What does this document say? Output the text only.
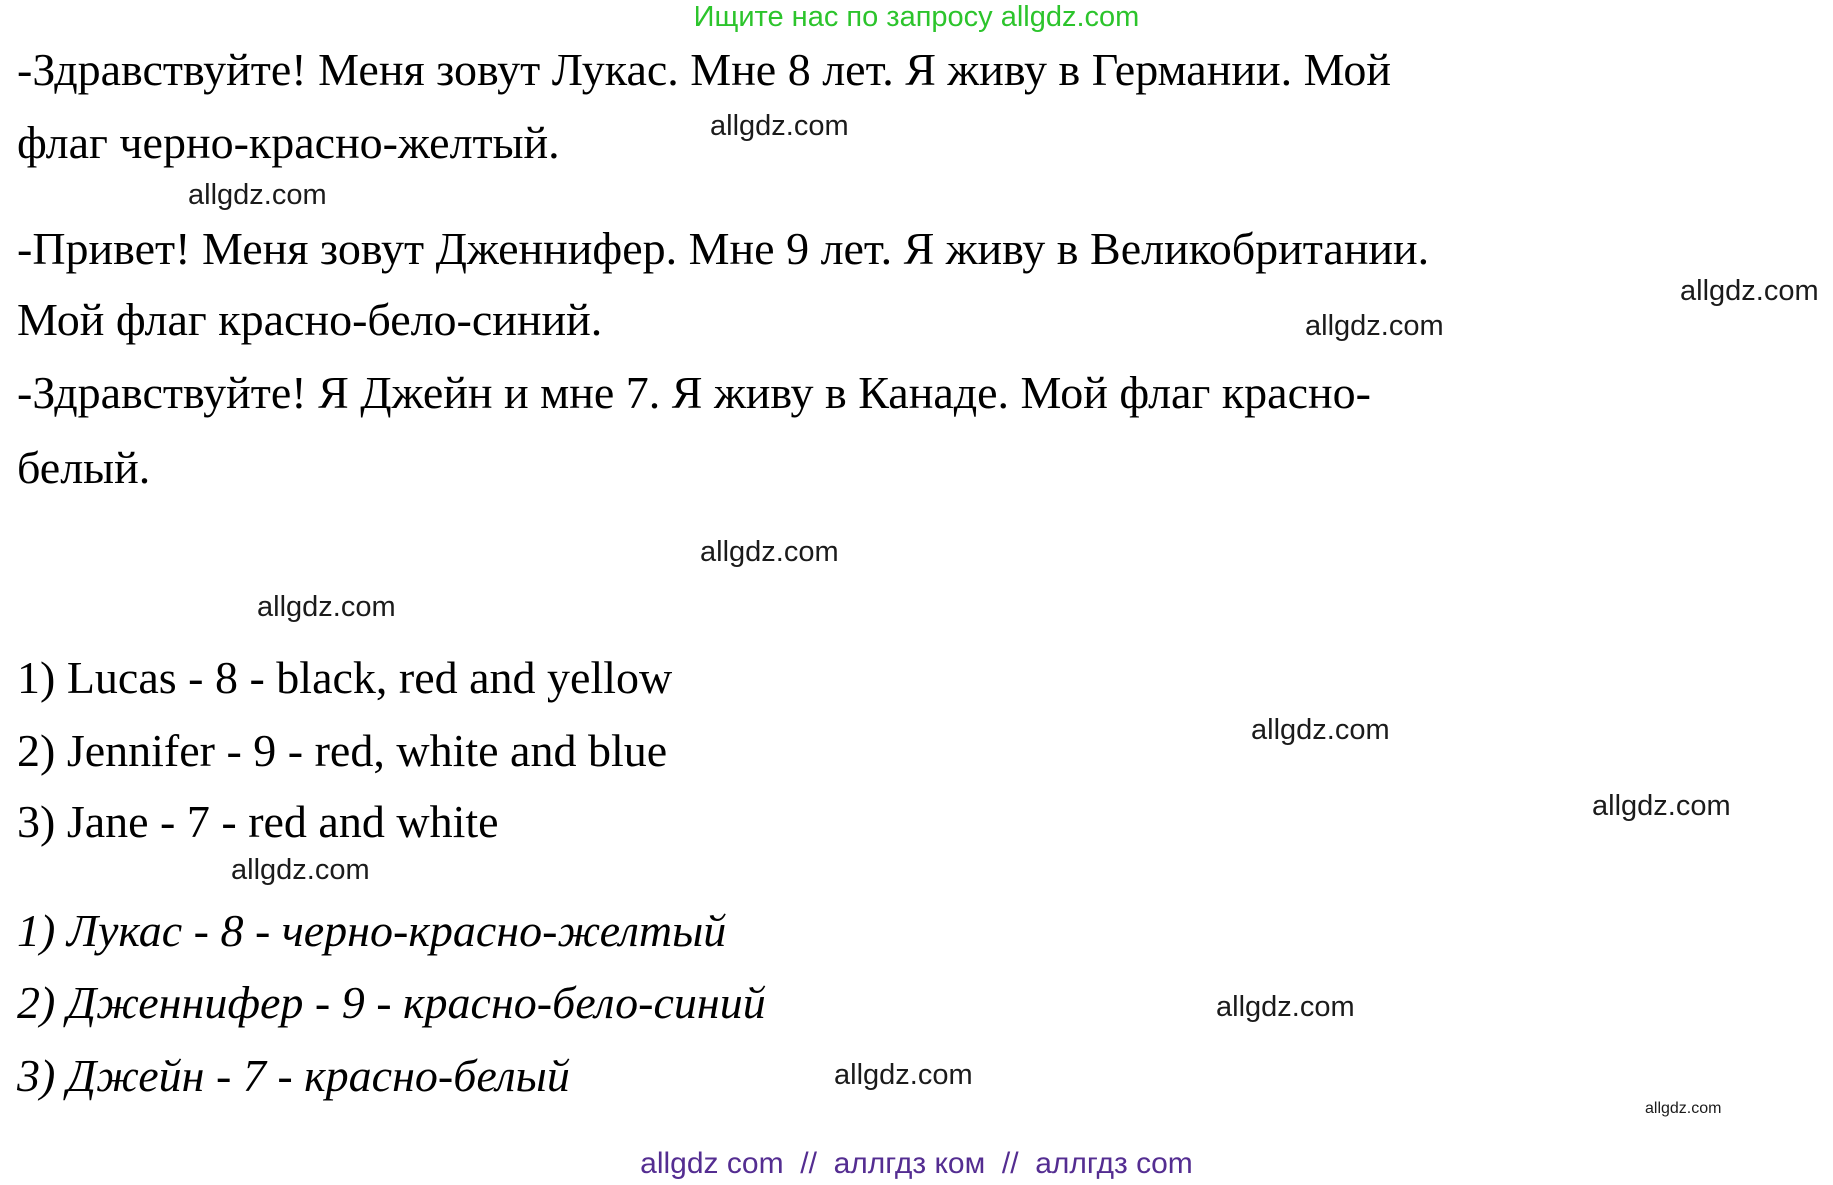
Ищите нас по запросу allgdz.com
-Здравствуйте! Меня зовут Лукас. Мне 8 лет. Я живу в Германии. Мой
флаг черно-красно-желтый.
-Привет! Меня зовут Дженнифер. Мне 9 лет. Я живу в Великобритании.
Мой флаг красно-бело-синий.
-Здравствуйте! Я Джейн и мне 7. Я живу в Канаде. Мой флаг красно-
белый.
1) Lucas - 8 - black, red and yellow
2) Jennifer - 9 - red, white and blue
3) Jane - 7 - red and white
1) Лукас - 8 - черно-красно-желтый
2) Дженнифер - 9 - красно-бело-синий
3) Джейн - 7 - красно-белый
allgdz.com
allgdz.com
allgdz.com
allgdz.com
allgdz.com
allgdz.com
allgdz.com
allgdz.com
allgdz.com
allgdz.com
allgdz.com
allgdz.com
allgdz com  //  аллгдз ком  //  аллгдз com
